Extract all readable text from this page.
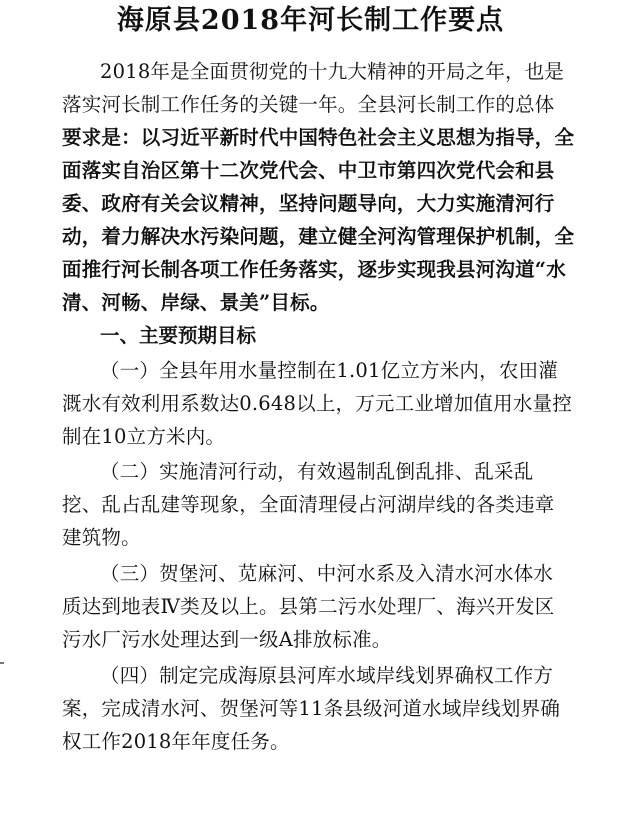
海原县2018年河长制工作要点
2018年是全面贯彻党的十九大精神的开局之年，也是
落实河长制工作任务的关键一年。全县河长制工作的总体
要求是：以习近平新时代中国特色社会主义思想为指导，全
面落实自治区第十二次党代会、中卫市第四次党代会和县
委、政府有关会议精神，坚持问题导向，大力实施清河行
动，着力解决水污染问题，建立健全河沟管理保护机制，全
面推行河长制各项工作任务落实，逐步实现我县河沟道“水
清、河畅、岸绿、景美”目标。
一、主要预期目标
（一）全县年用水量控制在1.01亿立方米内，农田灌
溉水有效利用系数达0.648以上，万元工业增加值用水量控
制在10立方米内。
（二）实施清河行动，有效遏制乱倒乱排、乱采乱
挖、乱占乱建等现象，全面清理侵占河湖岸线的各类违章
建筑物。
（三）贺堡河、苋麻河、中河水系及入清水河水体水
质达到地表Ⅳ类及以上。县第二污水处理厂、海兴开发区
污水厂污水处理达到一级A排放标准。
（四）制定完成海原县河库水域岸线划界确权工作方
案，完成清水河、贺堡河等11条县级河道水域岸线划界确
权工作2018年年度任务。
